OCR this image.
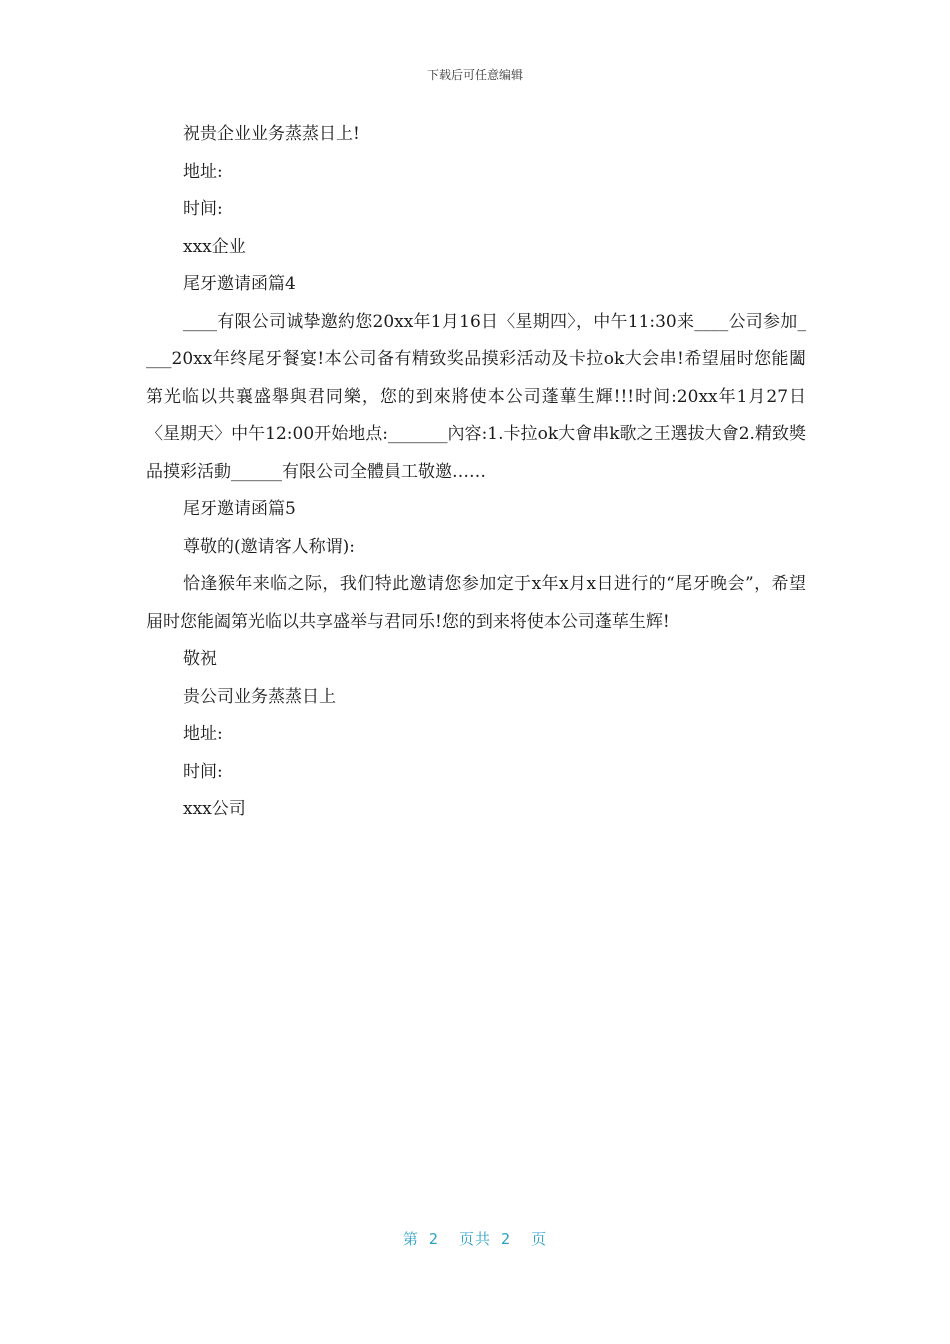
下载后可任意编辑

祝贵企业业务蒸蒸日上!

地址:

时间:

xxx企业

尾牙邀请函篇4

____有限公司诚挚邀約您20xx年1月16日〈星期四〉，中午11:30来____公司参加____20xx年终尾牙餐宴!本公司备有精致奖品摸彩活动及卡拉ok大会串!希望届时您能闔第光临以共襄盛舉與君同樂，您的到來將使本公司蓬蓽生輝!!!时间:20xx年1月27日〈星期天〉中午12:00开始地点:_______內容:1.卡拉ok大會串k歌之王選拔大會2.精致獎品摸彩活動______有限公司全體員工敬邀……

尾牙邀请函篇5

尊敬的(邀请客人称谓):

恰逢猴年来临之际，我们特此邀请您参加定于x年x月x日进行的“尾牙晚会”，希望届时您能阖第光临以共享盛举与君同乐!您的到来将使本公司蓬荜生辉!

敬祝

贵公司业务蒸蒸日上

地址:

时间:

xxx公司

第 2  页共 2  页
